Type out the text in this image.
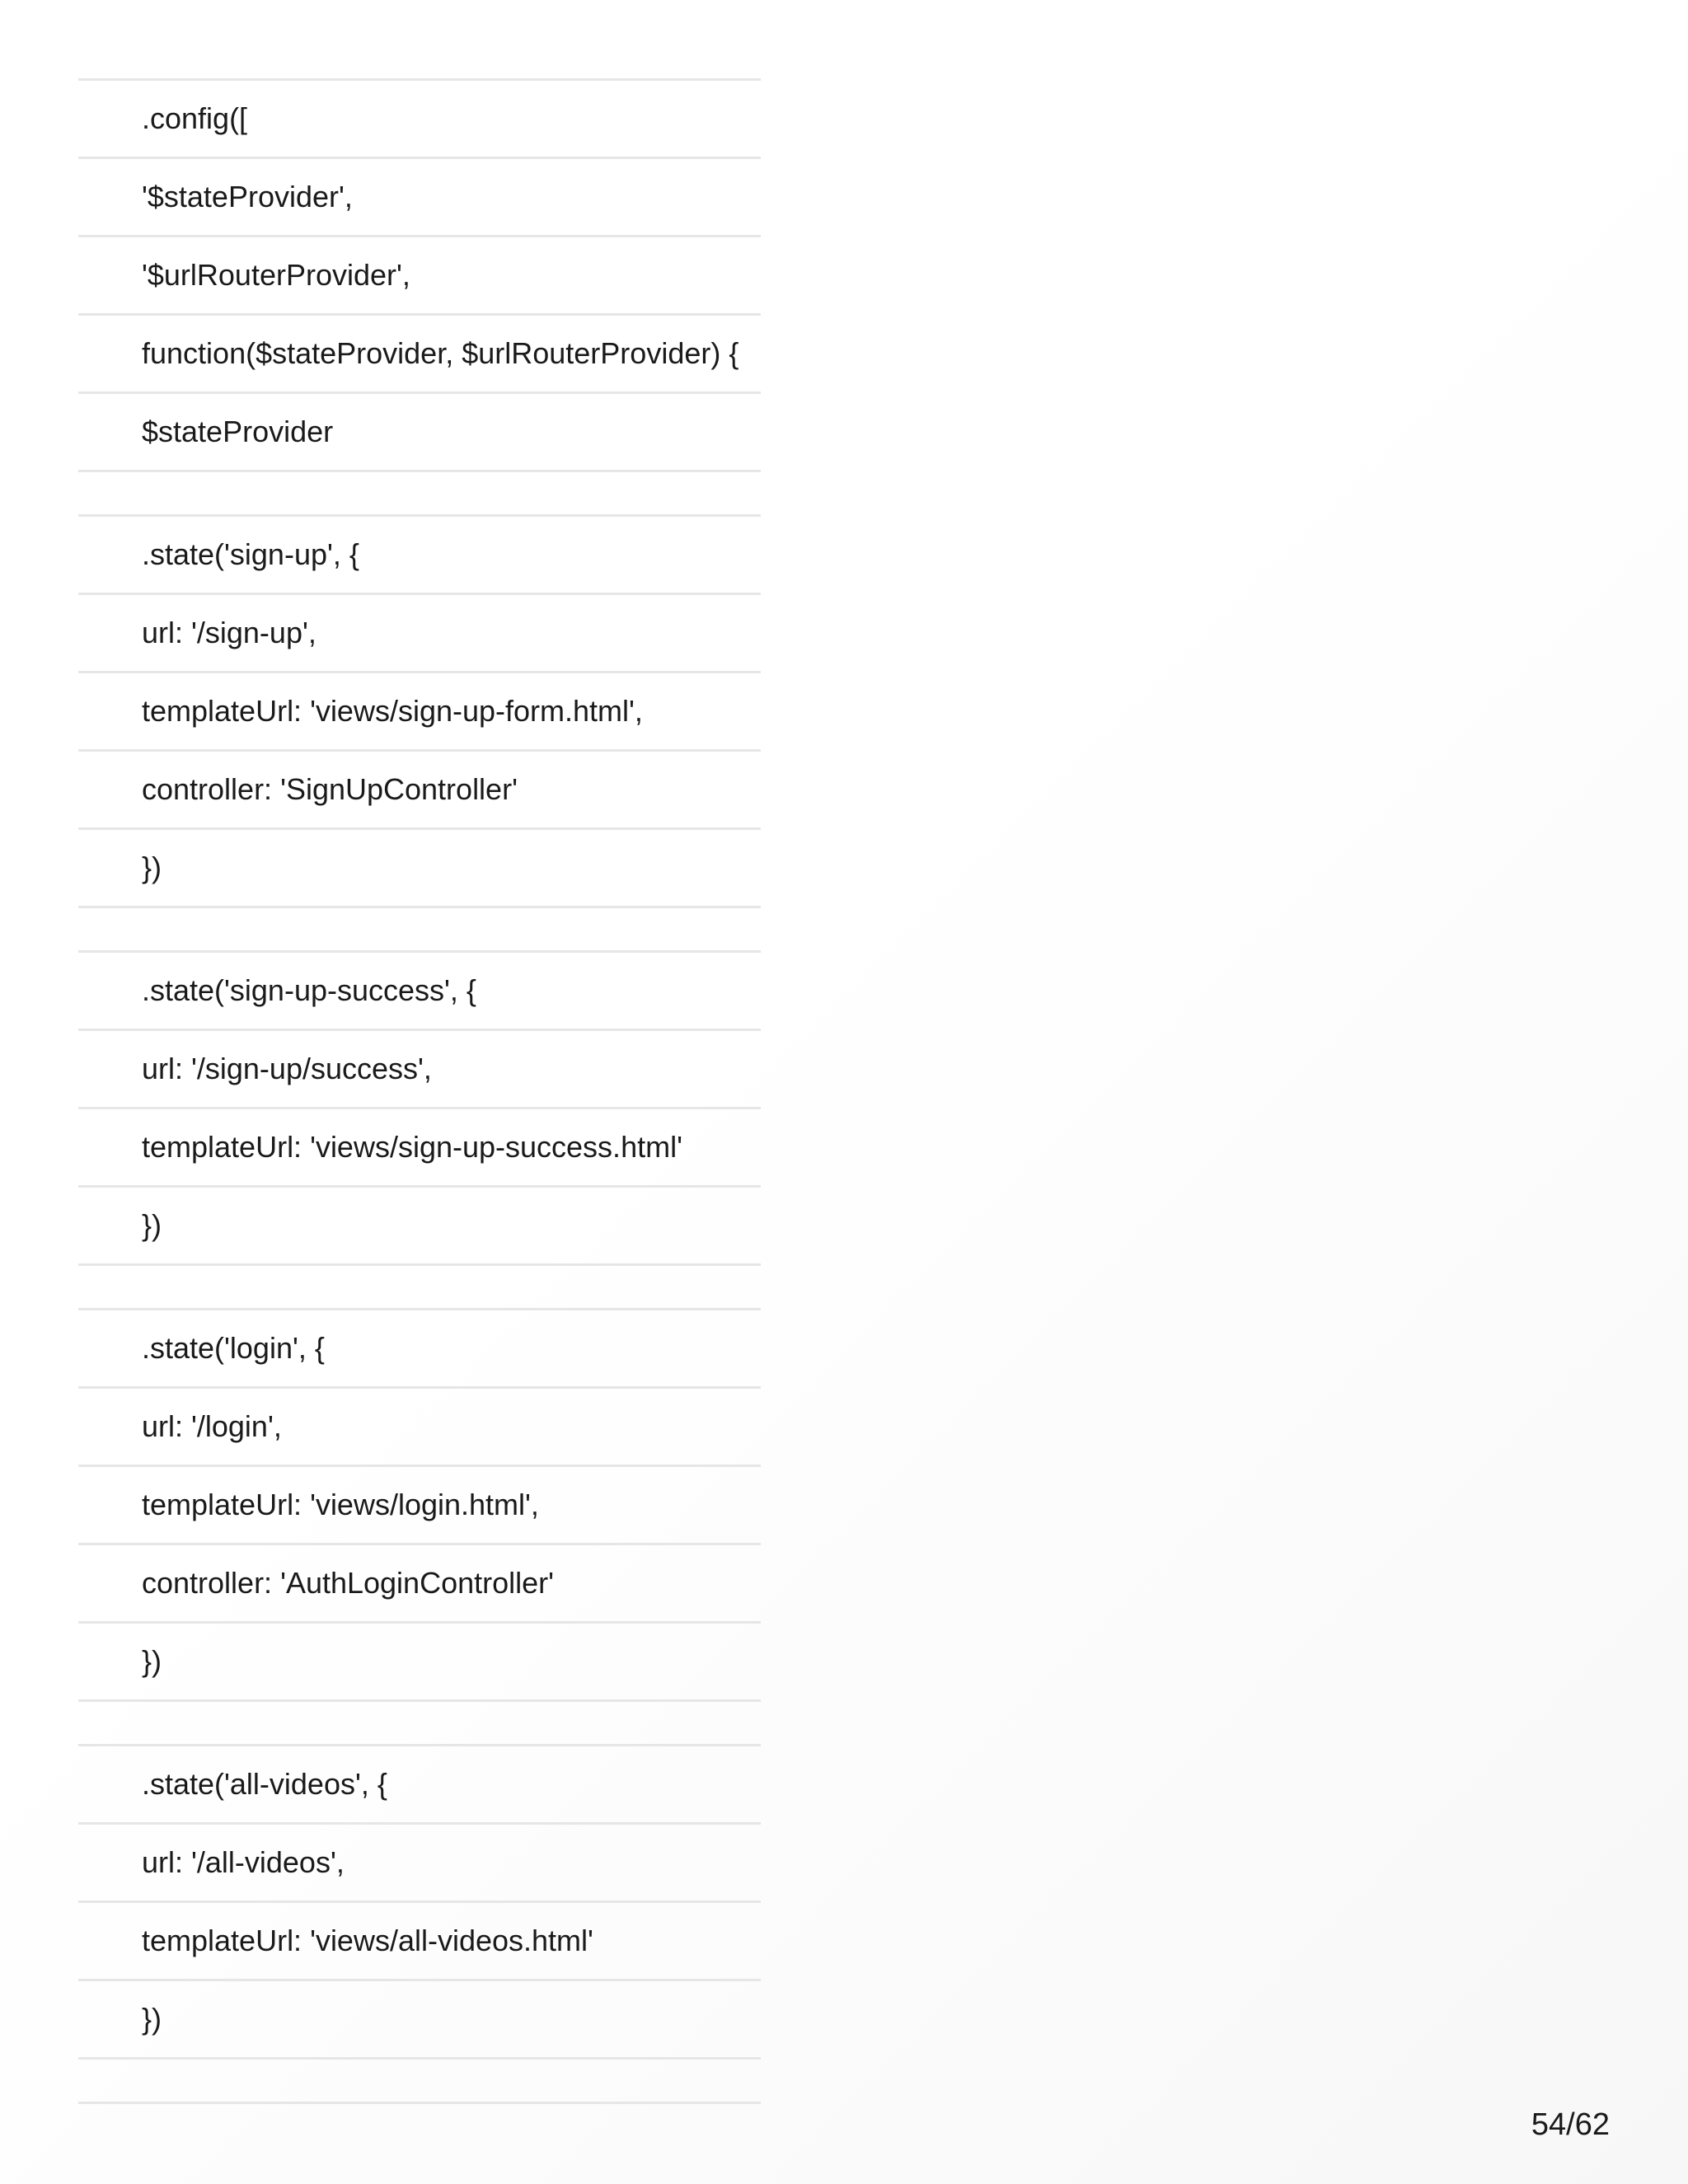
.config([
'$stateProvider',
'$urlRouterProvider',
function($stateProvider, $urlRouterProvider) {
$stateProvider
.state('sign-up', {
url: '/sign-up',
templateUrl: 'views/sign-up-form.html',
controller: 'SignUpController'
})
.state('sign-up-success', {
url: '/sign-up/success',
templateUrl: 'views/sign-up-success.html'
})
.state('login', {
url: '/login',
templateUrl: 'views/login.html',
controller: 'AuthLoginController'
})
.state('all-videos', {
url: '/all-videos',
templateUrl: 'views/all-videos.html'
})
54/62
